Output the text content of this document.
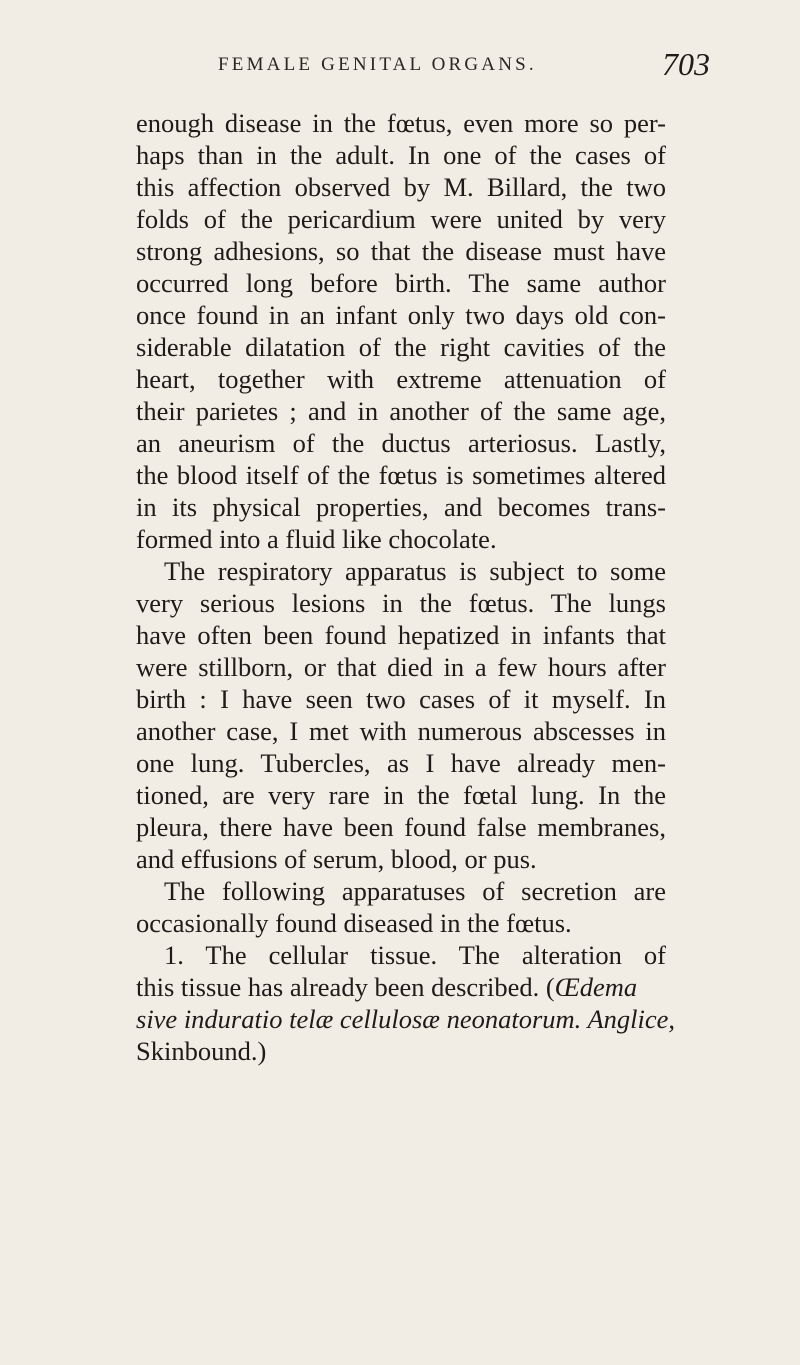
FEMALE GENITAL ORGANS.	703
enough disease in the fœtus, even more so per-
haps than in the adult. In one of the cases of
this affection observed by M. Billard, the two
folds of the pericardium were united by very
strong adhesions, so that the disease must have
occurred long before birth. The same author
once found in an infant only two days old con-
siderable dilatation of the right cavities of the
heart, together with extreme attenuation of
their parietes ; and in another of the same age,
an aneurism of the ductus arteriosus. Lastly,
the blood itself of the fœtus is sometimes altered
in its physical properties, and becomes trans-
formed into a fluid like chocolate.
The respiratory apparatus is subject to some
very serious lesions in the fœtus. The lungs
have often been found hepatized in infants that
were stillborn, or that died in a few hours after
birth : I have seen two cases of it myself. In
another case, I met with numerous abscesses in
one lung. Tubercles, as I have already men-
tioned, are very rare in the fœtal lung. In the
pleura, there have been found false membranes,
and effusions of serum, blood, or pus.
The following apparatuses of secretion are
occasionally found diseased in the fœtus.
1. The cellular tissue. The alteration of
this tissue has already been described. (Œdema
sive induratio telæ cellulosæ neonatorum. Anglice,
Skinbound.)
